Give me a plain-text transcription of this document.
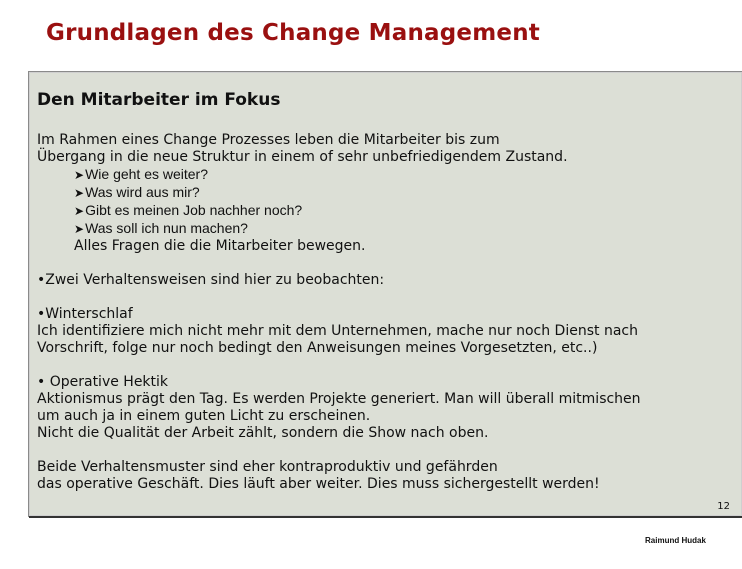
Grundlagen des Change Management
Den Mitarbeiter im Fokus

Im Rahmen eines Change Prozesses leben die Mitarbeiter bis zum

Übergang in die neue Struktur in einem of sehr unbefriedigendem Zustand.

➤Wie geht es weiter?
➤Was wird aus mir?
➤Gibt es meinen Job nachher noch?
➤Was soll ich nun machen?
Alles Fragen die die Mitarbeiter bewegen.

•Zwei Verhaltensweisen sind hier zu beobachten:

•Winterschlaf

Ich identifiziere mich nicht mehr mit dem Unternehmen, mache nur noch Dienst nach

Vorschrift, folge nur noch bedingt den Anweisungen meines Vorgesetzten, etc..)

• Operative Hektik

Aktionismus prägt den Tag. Es werden Projekte generiert. Man will überall mitmischen

um auch ja in einem guten Licht zu erscheinen.

Nicht die Qualität der Arbeit zählt, sondern die Show nach oben.

Beide Verhaltensmuster sind eher kontraproduktiv und gefährden

das operative Geschäft. Dies läuft aber weiter. Dies muss sichergestellt werden!

12
Raimund Hudak
